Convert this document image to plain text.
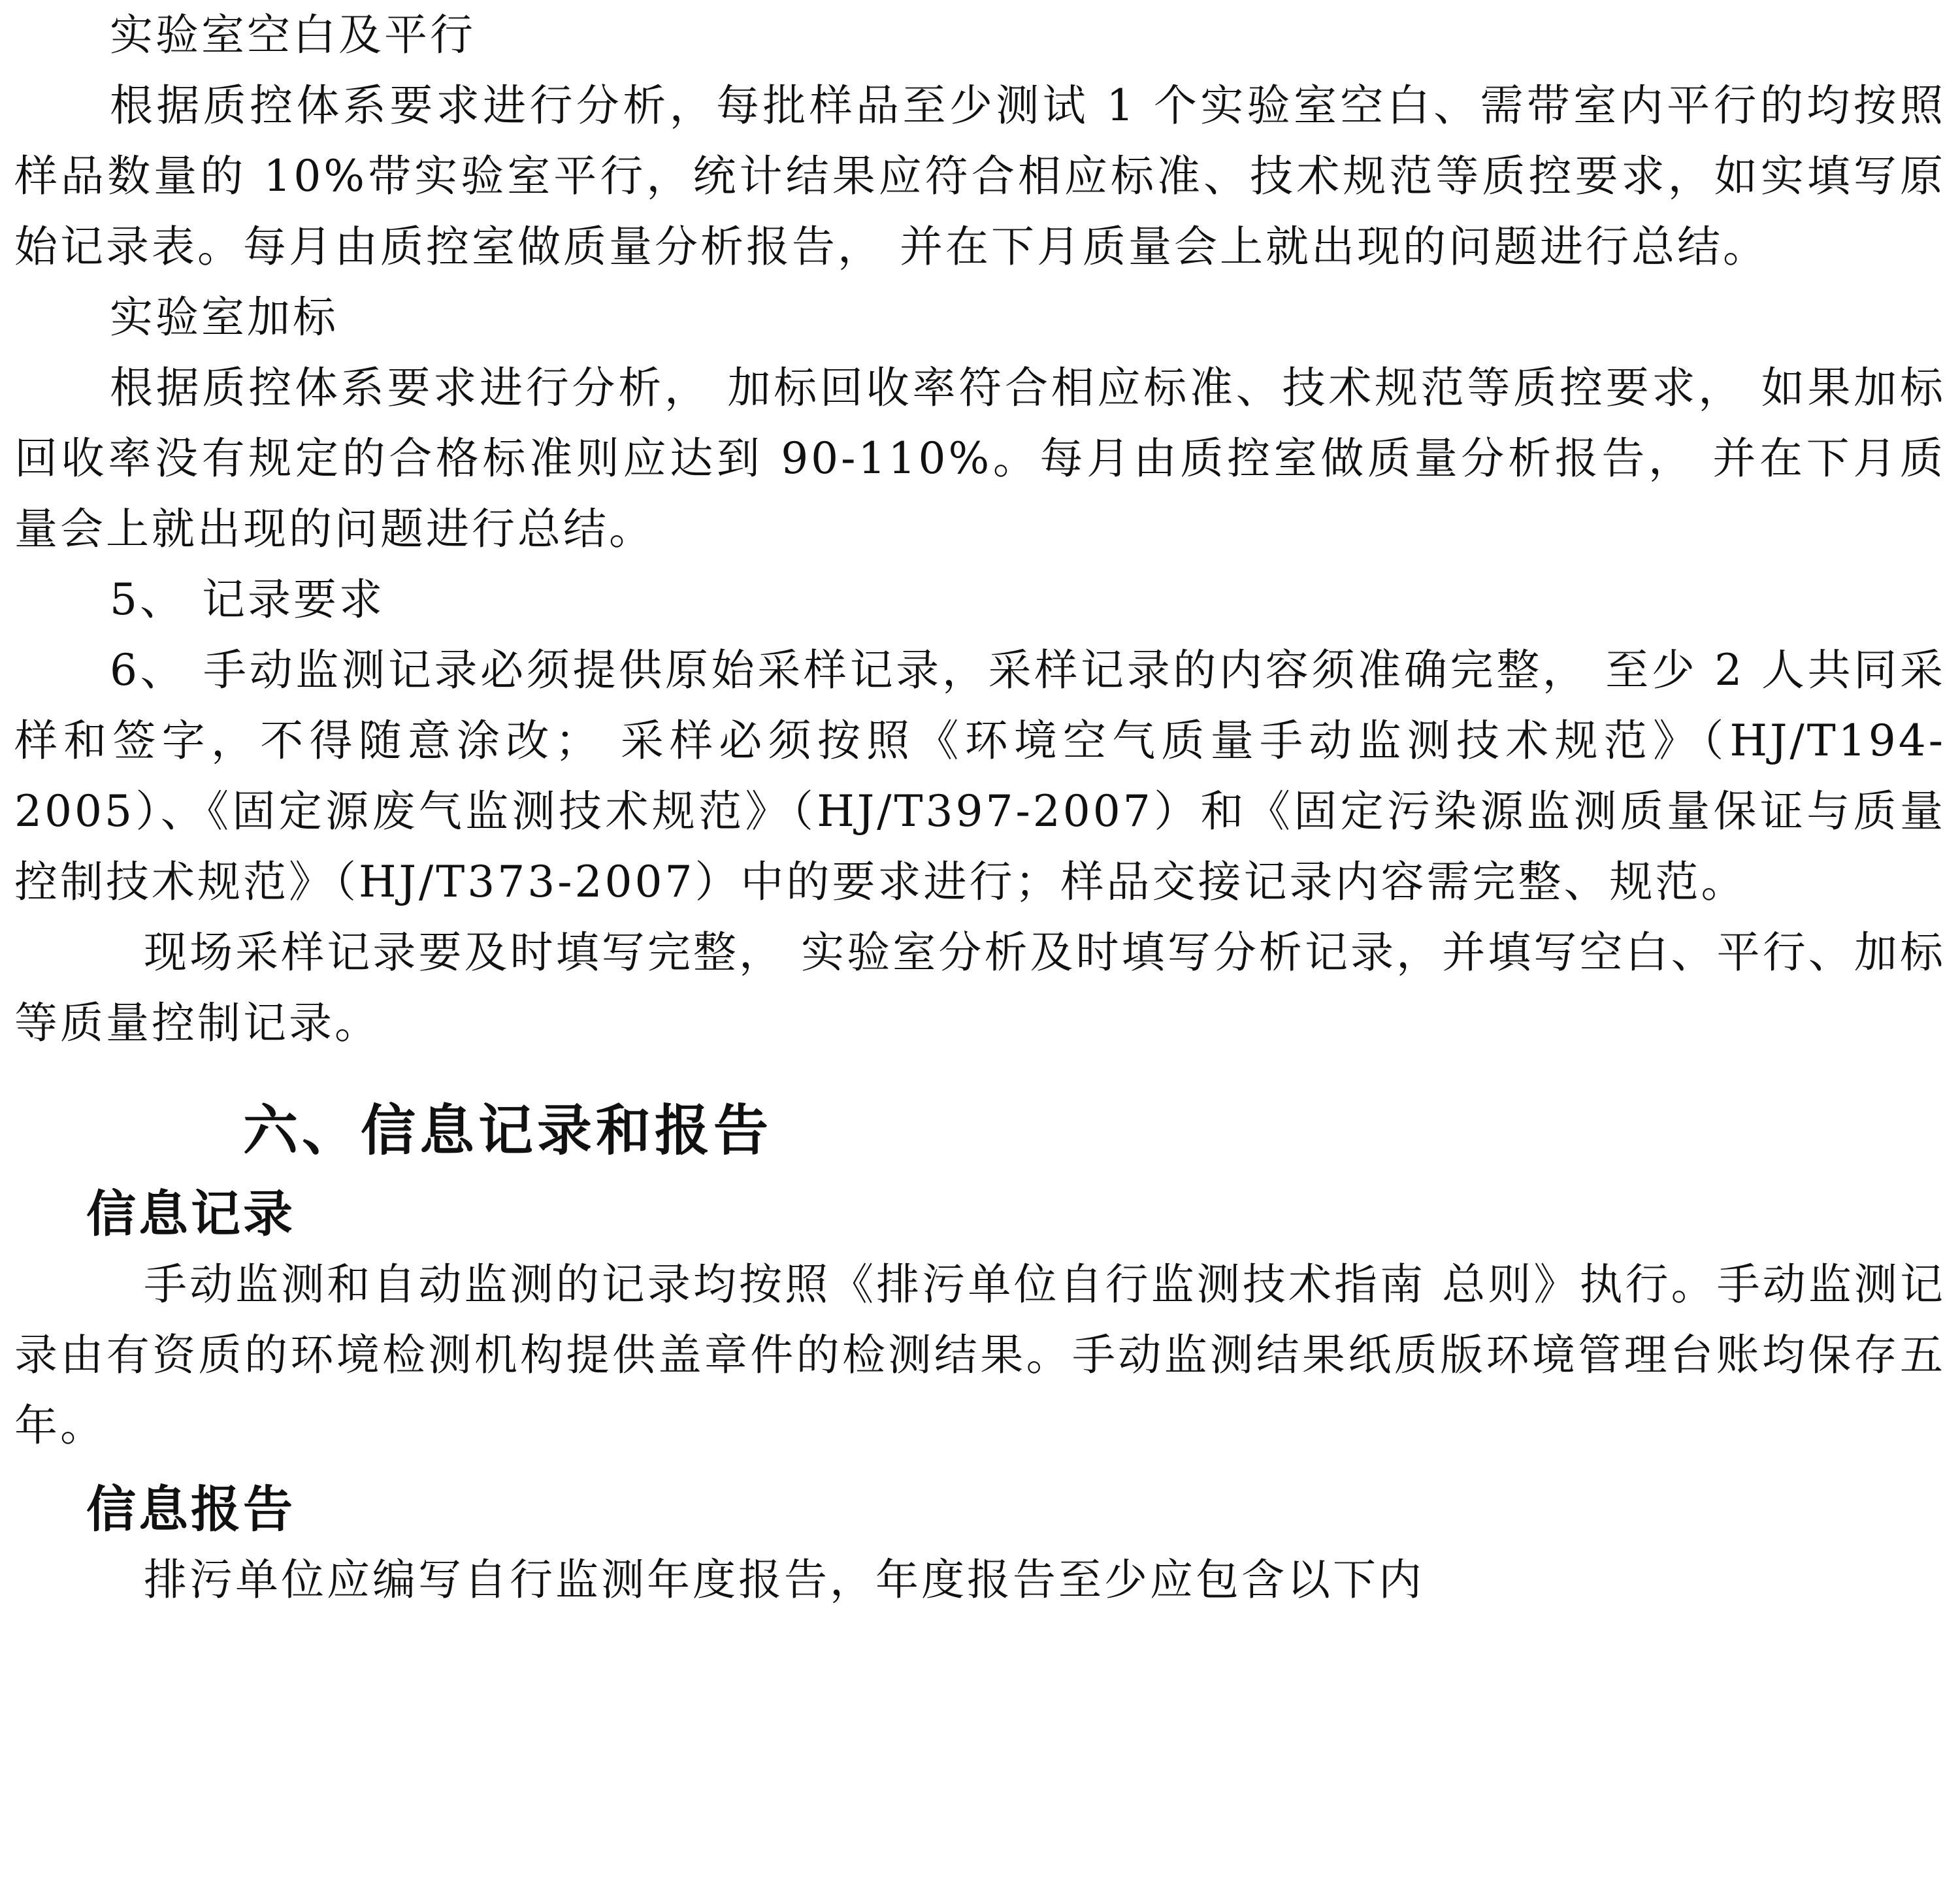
实验室空白及平行

根据质控体系要求进行分析，每批样品至少测试 1 个实验室空白、需带室内平行的均按照样品数量的 10%带实验室平行，统计结果应符合相应标准、技术规范等质控要求，如实填写原始记录表。每月由质控室做质量分析报告， 并在下月质量会上就出现的问题进行总结。

实验室加标

根据质控体系要求进行分析， 加标回收率符合相应标准、技术规范等质控要求， 如果加标回收率没有规定的合格标准则应达到 90-110%。每月由质控室做质量分析报告， 并在下月质量会上就出现的问题进行总结。

5、 记录要求

6、 手动监测记录必须提供原始采样记录，采样记录的内容须准确完整， 至少 2 人共同采样和签字，不得随意涂改； 采样必须按照《环境空气质量手动监测技术规范》（HJ/T194-2005）、《固定源废气监测技术规范》（HJ/T397-2007）和《固定污染源监测质量保证与质量控制技术规范》（HJ/T373-2007）中的要求进行；样品交接记录内容需完整、规范。

现场采样记录要及时填写完整， 实验室分析及时填写分析记录，并填写空白、平行、加标等质量控制记录。

六、信息记录和报告
信息记录

手动监测和自动监测的记录均按照《排污单位自行监测技术指南 总则》执行。手动监测记录由有资质的环境检测机构提供盖章件的检测结果。手动监测结果纸质版环境管理台账均保存五年。

信息报告

排污单位应编写自行监测年度报告，年度报告至少应包含以下内
